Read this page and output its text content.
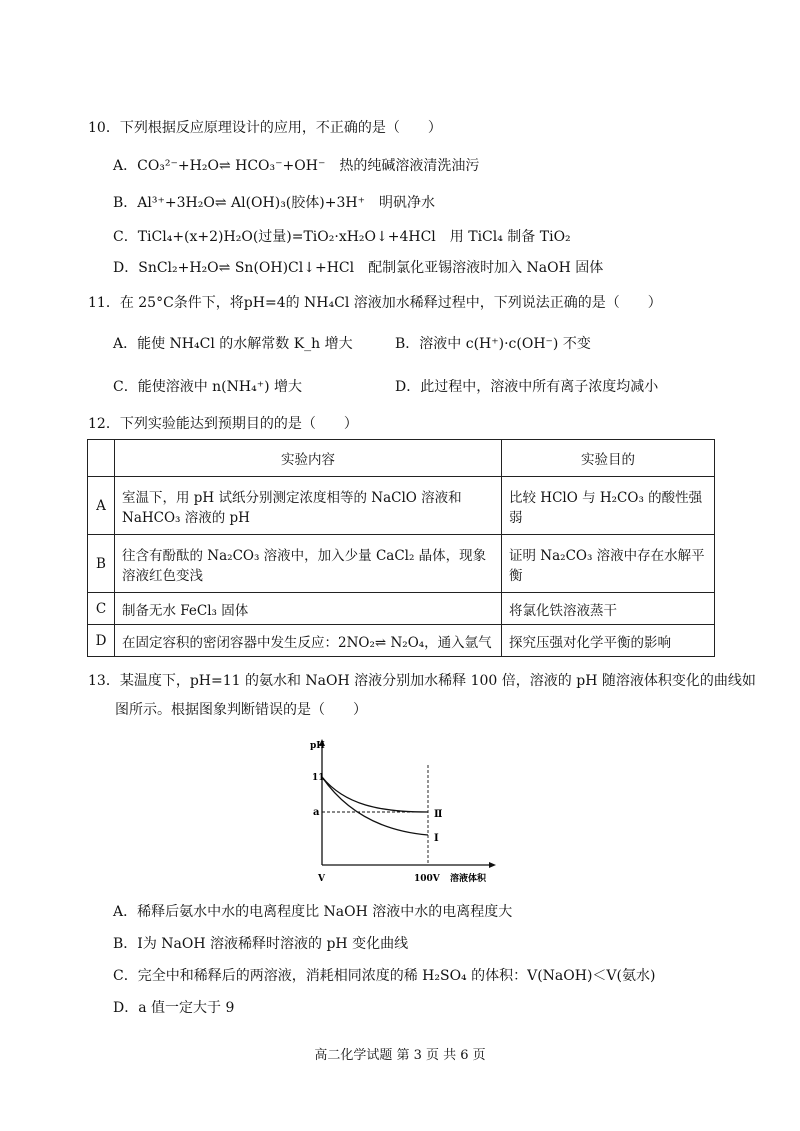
10．下列根据反应原理设计的应用，不正确的是（　　）
A．CO₃²⁻+H₂O⇌ HCO₃⁻+OH⁻　热的纯碱溶液清洗油污
B．Al³⁺+3H₂O⇌ Al(OH)₃(胶体)+3H⁺　明矾净水
C．TiCl₄+(x+2)H₂O(过量)=TiO₂·xH₂O↓+4HCl　用 TiCl₄ 制备 TiO₂
D．SnCl₂+H₂O⇌ Sn(OH)Cl↓+HCl　配制氯化亚锡溶液时加入 NaOH 固体
11．在 25°C条件下，将pH=4的 NH₄Cl 溶液加水稀释过程中，下列说法正确的是（　　）
A．能使 NH₄Cl 的水解常数 K_h 增大	B．溶液中 c(H⁺)·c(OH⁻) 不变
C．能使溶液中 n(NH₄⁺) 增大	D．此过程中，溶液中所有离子浓度均减小
12．下列实验能达到预期目的的是（　　）
	实验内容	实验目的
A	室温下，用 pH 试纸分别测定浓度相等的 NaClO 溶液和 NaHCO₃ 溶液的 pH	比较 HClO 与 H₂CO₃ 的酸性强弱
B	往含有酚酞的 Na₂CO₃ 溶液中，加入少量 CaCl₂ 晶体，现象溶液红色变浅	证明 Na₂CO₃ 溶液中存在水解平衡
C	制备无水 FeCl₃ 固体	将氯化铁溶液蒸干
D	在固定容积的密闭容器中发生反应：2NO₂⇌ N₂O₄，通入氩气	探究压强对化学平衡的影响
13．某温度下，pH=11 的氨水和 NaOH 溶液分别加水稀释 100 倍，溶液的 pH 随溶液体积变化的曲线如
图所示。根据图象判断错误的是（　　）
pH
溶液体积
V	100V
11
a	Ⅱ
Ⅰ
A．稀释后氨水中水的电离程度比 NaOH 溶液中水的电离程度大
B．Ⅰ为 NaOH 溶液稀释时溶液的 pH 变化曲线
C．完全中和稀释后的两溶液，消耗相同浓度的稀 H₂SO₄ 的体积：V(NaOH)＜V(氨水)
D．a 值一定大于 9
高二化学试题 第 3 页 共 6 页
